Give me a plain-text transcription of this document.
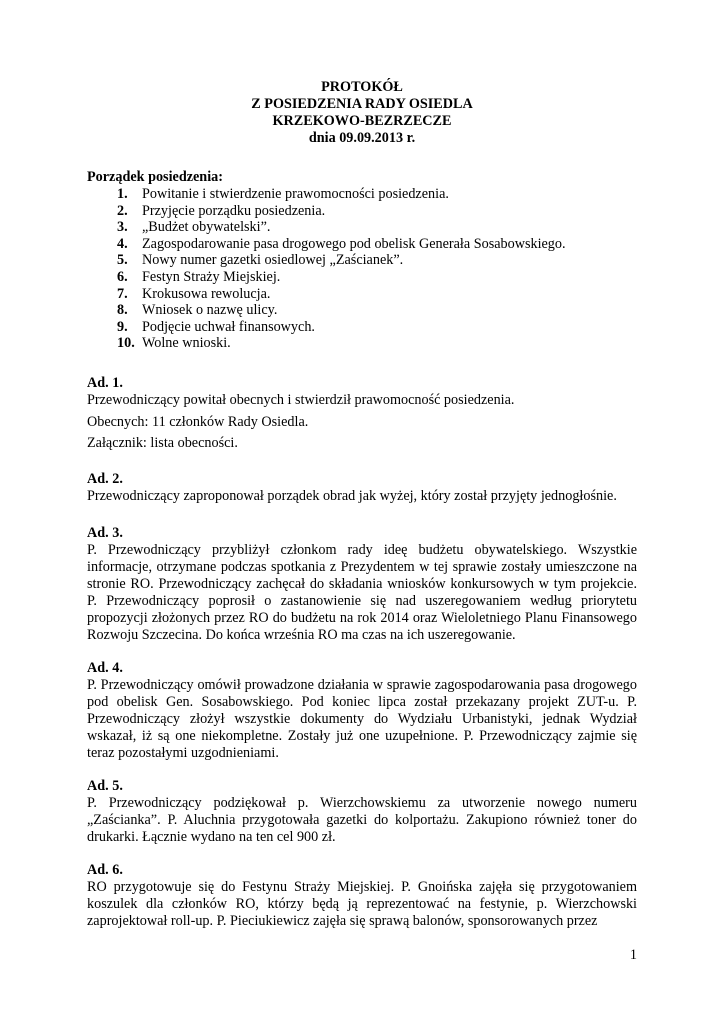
PROTOKÓŁ
Z POSIEDZENIA RADY OSIEDLA
KRZEKOWO-BEZRZECZE
dnia 09.09.2013 r.
Porządek posiedzenia:
1. Powitanie i stwierdzenie prawomocności posiedzenia.
2. Przyjęcie porządku posiedzenia.
3. „Budżet obywatelski”.
4. Zagospodarowanie pasa drogowego pod obelisk Generała Sosabowskiego.
5. Nowy numer gazetki osiedlowej „Zaścianek”.
6. Festyn Straży Miejskiej.
7. Krokusowa rewolucja.
8. Wniosek o nazwę ulicy.
9. Podjęcie uchwał finansowych.
10. Wolne wnioski.
Ad. 1.
Przewodniczący powitał obecnych i stwierdził prawomocność posiedzenia.
Obecnych: 11 członków Rady Osiedla.
Załącznik: lista obecności.
Ad. 2.

Przewodniczący zaproponował porządek obrad jak wyżej, który został przyjęty jednogłośnie.

Ad. 3.

P. Przewodniczący przybliżył członkom rady ideę budżetu obywatelskiego. Wszystkie informacje, otrzymane podczas spotkania z Prezydentem w tej sprawie zostały umieszczone na stronie RO. Przewodniczący zachęcał do składania wniosków konkursowych w tym projekcie. P. Przewodniczący poprosił o zastanowienie się nad uszeregowaniem według priorytetu propozycji złożonych przez RO do budżetu na rok 2014 oraz Wieloletniego Planu Finansowego Rozwoju Szczecina. Do końca września RO ma czas na ich uszeregowanie.

Ad. 4.

P. Przewodniczący omówił prowadzone działania w sprawie zagospodarowania pasa drogowego pod obelisk Gen. Sosabowskiego. Pod koniec lipca został przekazany projekt ZUT-u. P. Przewodniczący złożył wszystkie dokumenty do Wydziału Urbanistyki, jednak Wydział wskazał, iż są one niekompletne. Zostały już one uzupełnione. P. Przewodniczący zajmie się teraz pozostałymi uzgodnieniami.

Ad. 5.

P. Przewodniczący podziękował p. Wierzchowskiemu za utworzenie nowego numeru „Zaścianka”. P. Aluchnia przygotowała gazetki do kolportażu. Zakupiono również toner do drukarki. Łącznie wydano na ten cel 900 zł.

Ad. 6.

RO przygotowuje się do Festynu Straży Miejskiej. P. Gnoińska zajęła się przygotowaniem koszulek dla członków RO, którzy będą ją reprezentować na festynie, p. Wierzchowski zaprojektował roll-up. P. Pieciukiewicz zajęła się sprawą balonów, sponsorowanych przez

1
